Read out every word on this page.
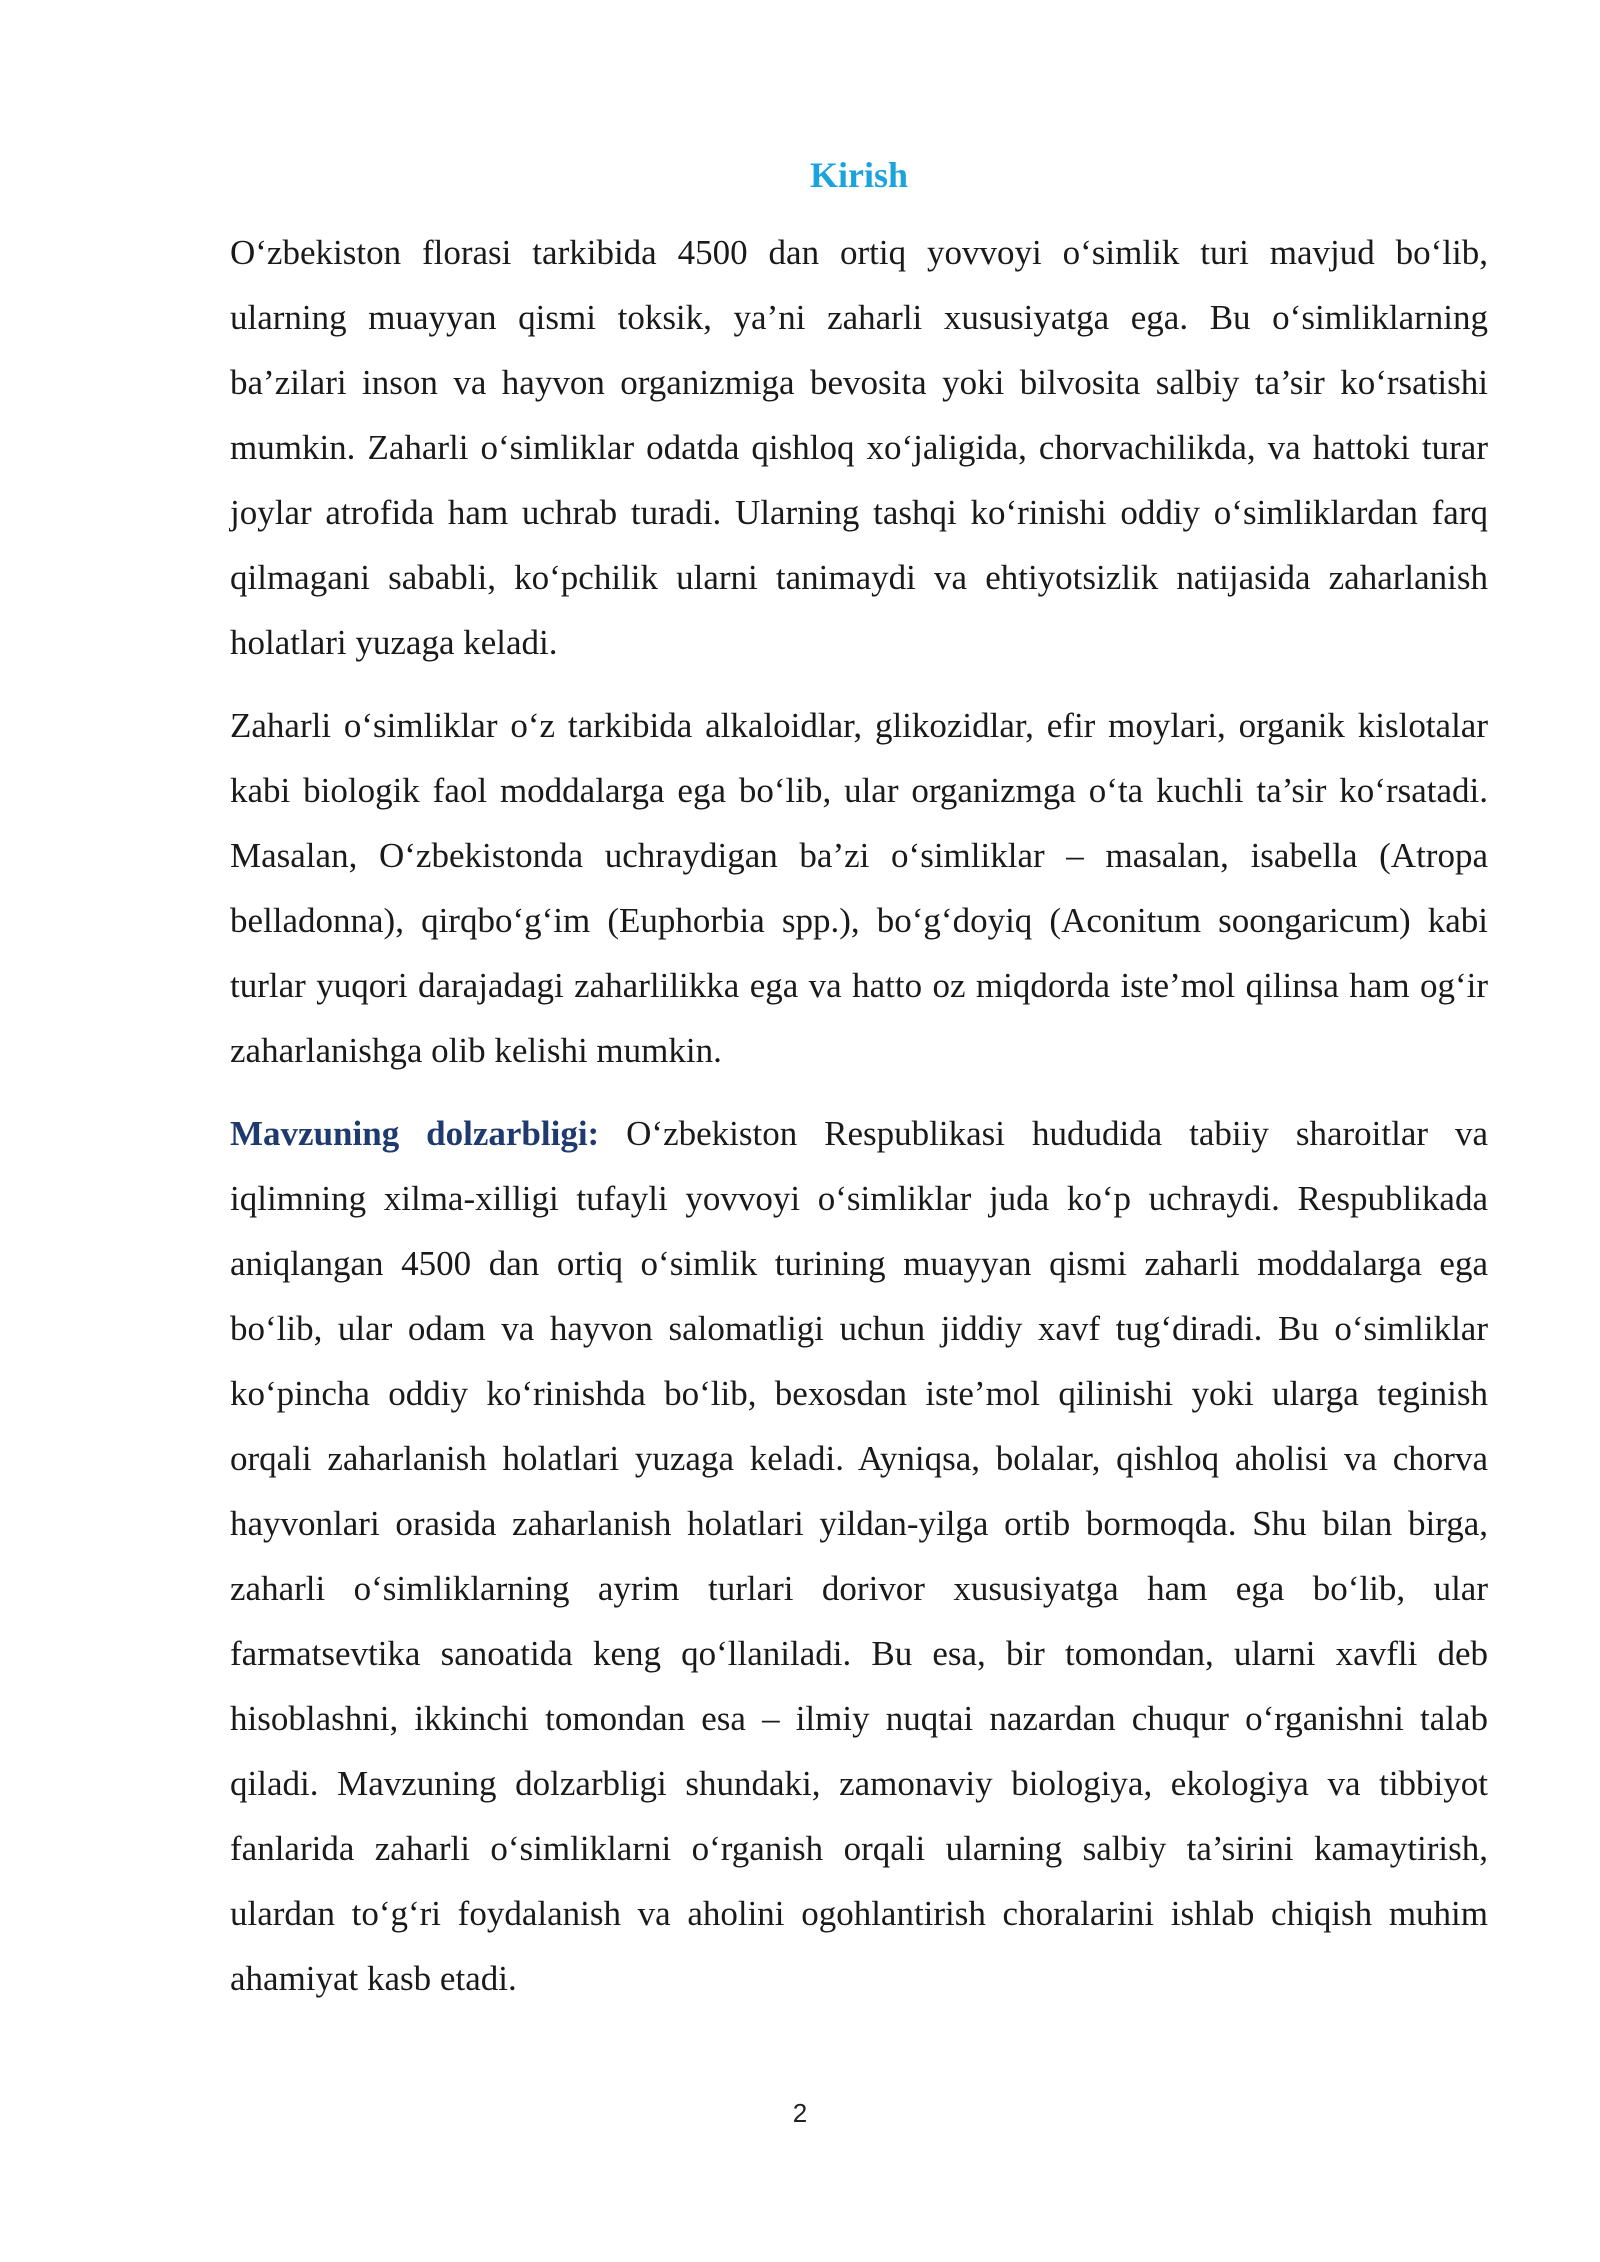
Kirish

O‘zbekiston florasi tarkibida 4500 dan ortiq yovvoyi o‘simlik turi mavjud bo‘lib, ularning muayyan qismi toksik, ya’ni zaharli xususiyatga ega. Bu o‘simliklarning ba’zilari inson va hayvon organizmiga bevosita yoki bilvosita salbiy ta’sir ko‘rsatishi mumkin. Zaharli o‘simliklar odatda qishloq xo‘jaligida, chorvachilikda, va hattoki turar joylar atrofida ham uchrab turadi. Ularning tashqi ko‘rinishi oddiy o‘simliklardan farq qilmagani sababli, ko‘pchilik ularni tanimaydi va ehtiyotsizlik natijasida zaharlanish holatlari yuzaga keladi.

Zaharli o‘simliklar o‘z tarkibida alkaloidlar, glikozidlar, efir moylari, organik kislotalar kabi biologik faol moddalarga ega bo‘lib, ular organizmga o‘ta kuchli ta’sir ko‘rsatadi. Masalan, O‘zbekistonda uchraydigan ba’zi o‘simliklar – masalan, isabella (Atropa belladonna), qirqbo‘g‘im (Euphorbia spp.), bo‘g‘doyiq (Aconitum soongaricum) kabi turlar yuqori darajadagi zaharlilikka ega va hatto oz miqdorda iste’mol qilinsa ham og‘ir zaharlanishga olib kelishi mumkin.

Mavzuning dolzarbligi: O‘zbekiston Respublikasi hududida tabiiy sharoitlar va iqlimning xilma-xilligi tufayli yovvoyi o‘simliklar juda ko‘p uchraydi. Respublikada aniqlangan 4500 dan ortiq o‘simlik turining muayyan qismi zaharli moddalarga ega bo‘lib, ular odam va hayvon salomatligi uchun jiddiy xavf tug‘diradi. Bu o‘simliklar ko‘pincha oddiy ko‘rinishda bo‘lib, bexosdan iste’mol qilinishi yoki ularga teginish orqali zaharlanish holatlari yuzaga keladi. Ayniqsa, bolalar, qishloq aholisi va chorva hayvonlari orasida zaharlanish holatlari yildan-yilga ortib bormoqda. Shu bilan birga, zaharli o‘simliklarning ayrim turlari dorivor xususiyatga ham ega bo‘lib, ular farmatsevtika sanoatida keng qo‘llaniladi. Bu esa, bir tomondan, ularni xavfli deb hisoblashni, ikkinchi tomondan esa – ilmiy nuqtai nazardan chuqur o‘rganishni talab qiladi. Mavzuning dolzarbligi shundaki, zamonaviy biologiya, ekologiya va tibbiyot fanlarida zaharli o‘simliklarni o‘rganish orqali ularning salbiy ta’sirini kamaytirish, ulardan to‘g‘ri foydalanish va aholini ogohlantirish choralarini ishlab chiqish muhim ahamiyat kasb etadi.

2
